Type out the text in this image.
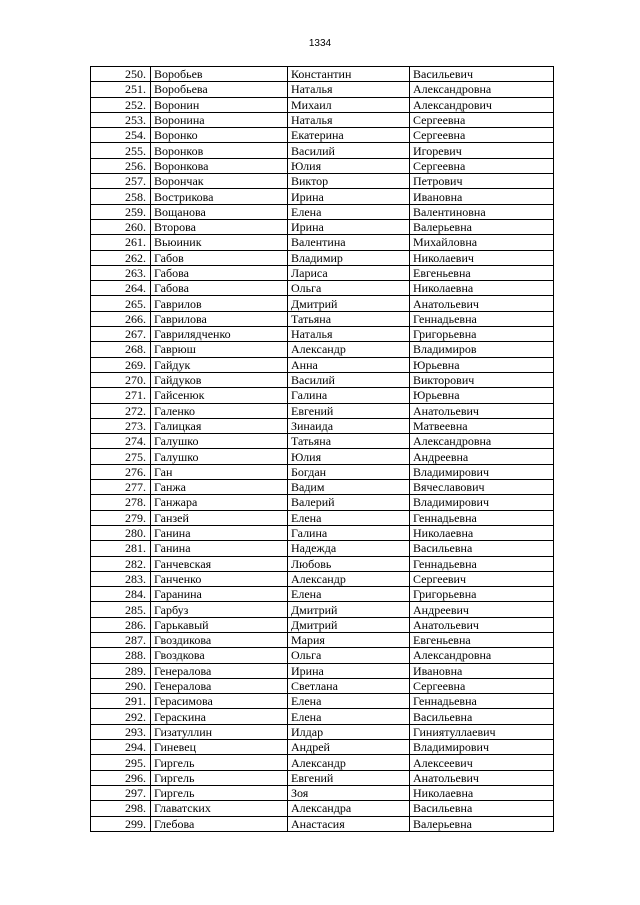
1334
250.	Воробьев	Константин	Васильевич
251.	Воробьева	Наталья	Александровна
252.	Воронин	Михаил	Александрович
253.	Воронина	Наталья	Сергеевна
254.	Воронко	Екатерина	Сергеевна
255.	Воронков	Василий	Игоревич
256.	Воронкова	Юлия	Сергеевна
257.	Ворончак	Виктор	Петрович
258.	Вострикова	Ирина	Ивановна
259.	Вощанова	Елена	Валентиновна
260.	Второва	Ирина	Валерьевна
261.	Вьюиник	Валентина	Михайловна
262.	Габов	Владимир	Николаевич
263.	Габова	Лариса	Евгеньевна
264.	Габова	Ольга	Николаевна
265.	Гаврилов	Дмитрий	Анатольевич
266.	Гаврилова	Татьяна	Геннадьевна
267.	Гаврилядченко	Наталья	Григорьевна
268.	Гаврюш	Александр	Владимиров
269.	Гайдук	Анна	Юрьевна
270.	Гайдуков	Василий	Викторович
271.	Гайсенюк	Галина	Юрьевна
272.	Галенко	Евгений	Анатольевич
273.	Галицкая	Зинаида	Матвеевна
274.	Галушко	Татьяна	Александровна
275.	Галушко	Юлия	Андреевна
276.	Ган	Богдан	Владимирович
277.	Ганжа	Вадим	Вячеславович
278.	Ганжара	Валерий	Владимирович
279.	Ганзей	Елена	Геннадьевна
280.	Ганина	Галина	Николаевна
281.	Ганина	Надежда	Васильевна
282.	Ганчевская	Любовь	Геннадьевна
283.	Ганченко	Александр	Сергеевич
284.	Гаранина	Елена	Григорьевна
285.	Гарбуз	Дмитрий	Андреевич
286.	Гарькавый	Дмитрий	Анатольевич
287.	Гвоздикова	Мария	Евгеньевна
288.	Гвоздкова	Ольга	Александровна
289.	Генералова	Ирина	Ивановна
290.	Генералова	Светлана	Сергеевна
291.	Герасимова	Елена	Геннадьевна
292.	Гераскина	Елена	Васильевна
293.	Гизатуллин	Илдар	Гиниятуллаевич
294.	Гиневец	Андрей	Владимирович
295.	Гиргель	Александр	Алексеевич
296.	Гиргель	Евгений	Анатольевич
297.	Гиргель	Зоя	Николаевна
298.	Главатских	Александра	Васильевна
299.	Глебова	Анастасия	Валерьевна
